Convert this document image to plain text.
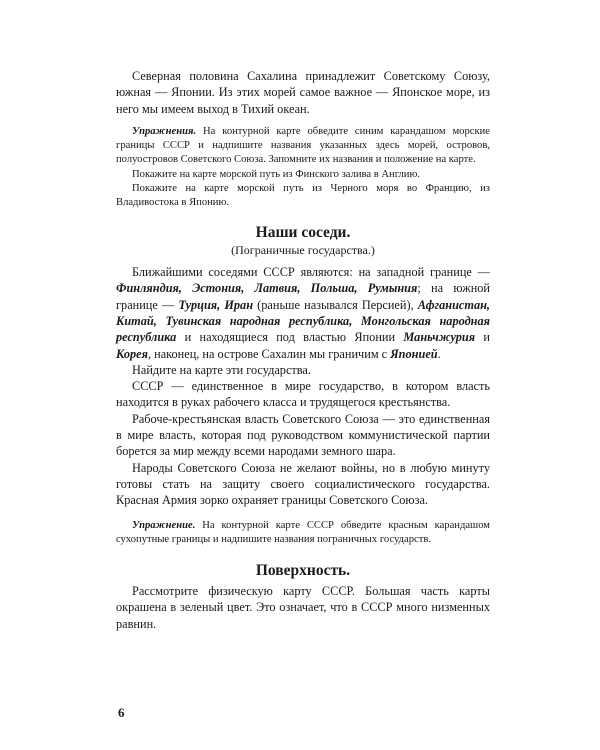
Северная половина Сахалина принадлежит Советскому Союзу, южная — Японии. Из этих морей самое важное — Японское море, из него мы имеем выход в Тихий океан.

Упражнения. На контурной карте обведите синим карандашом морские границы СССР и надпишите названия указанных здесь морей, островов, полуостровов Советского Союза. Запомните их названия и положение на карте.

Покажите на карте морской путь из Финского залива в Англию.

Покажите на карте морской путь из Черного моря во Францию, из Владивостока в Японию.

Наши соседи.

(Пограничные государства.)

Ближайшими соседями СССР являются: на западной границе — Финляндия, Эстония, Латвия, Польша, Румыния; на южной границе — Турция, Иран (раньше назывался Персией), Афганистан, Китай, Тувинская народная республика, Монгольская народная республика и находящиеся под властью Японии Маньчжурия и Корея, наконец, на острове Сахалин мы граничим с Японией.

Найдите на карте эти государства.

СССР — единственное в мире государство, в котором власть находится в руках рабочего класса и трудящегося крестьянства.

Рабоче-крестьянская власть Советского Союза — это единственная в мире власть, которая под руководством коммунистической партии борется за мир между всеми народами земного шара.

Народы Советского Союза не желают войны, но в любую минуту готовы стать на защиту своего социалистического государства. Красная Армия зорко охраняет границы Советского Союза.

Упражнение. На контурной карте СССР обведите красным карандашом сухопутные границы и надпишите названия пограничных государств.

Поверхность.

Рассмотрите физическую карту СССР. Большая часть карты окрашена в зеленый цвет. Это означает, что в СССР много низменных равнин.

6
